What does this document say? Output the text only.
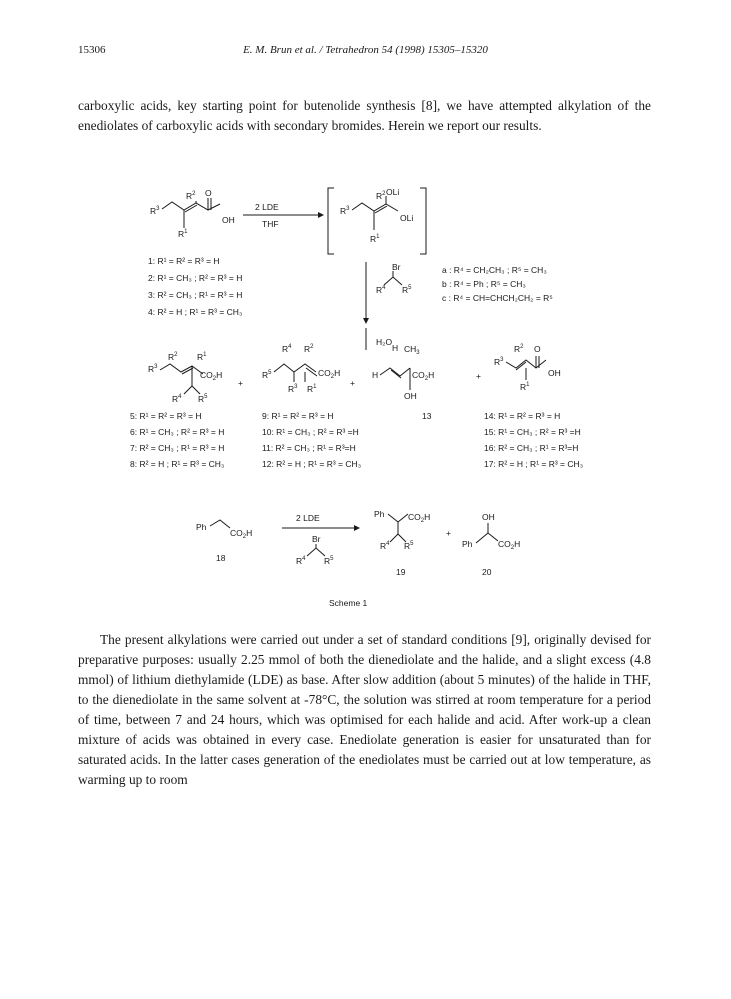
15306	E. M. Brun et al. / Tetrahedron 54 (1998) 15305–15320

carboxylic acids, key starting point for butenolide synthesis [8], we have attempted alkylation of the enediolates of carboxylic acids with secondary bromides. Herein we report our results.

$R^3$
$R^1$
$R^2$ O
OH
2 LDE
THF
$R^3$
$R^1$
$R^2$ OLi
OLi
Br
$R^4$ $R^5$
H₂O
1: R¹ = R² = R³ = H
2: R¹ = CH₃ ; R² = R³ = H
3: R² = CH₃ ; R¹ = R³ = H
4: R² = H ; R¹ = R³ = CH₃
a : R⁴ = CH₂CH₃ ; R⁵ = CH₃
b : R⁴ = Ph ; R⁵ = CH₃
c : R⁴ = CH=CHCH₂CH₂ = R⁵
$R^2$ $R^1$
$R^3$
$CO_2H$
$R^4$ $R^5$
+
$R^4$ $R^2$
$R^5$	$CO_2H$
$R^3$ $R^1$	+
H $CH_3$
H	$CO_2H$
OH
+
$R^2$ O
$R^3$
OH
$R^1$
5: R¹ = R² = R³ = H
6: R¹ = CH₃ ; R² = R³ = H
7: R² = CH₃ ; R¹ = R³ = H
8: R² = H ; R¹ = R³ = CH₃
9: R¹ = R² = R³ = H
10: R¹ = CH₃ ; R² = R³ =H
11: R² = CH₃ ; R¹ = R³=H
12: R² = H ; R¹ = R³ = CH₃
13	14: R¹ = R² = R³ = H
15: R¹ = CH₃ ; R² = R³ =H
16: R² = CH₃ ; R¹ = R³=H
17: R² = H ; R¹ = R³ = CH₃
Ph
$CO_2H$
18
2 LDE
Br
$R^4$ $R^5$
Ph	$CO_2H$
$R^4$ $R^5$
+
19
OH
Ph	$CO_2H$
20
Scheme 1

The present alkylations were carried out under a set of standard conditions [9], originally devised for preparative purposes: usually 2.25 mmol of both the dienediolate and the halide, and a slight excess (4.8 mmol) of lithium diethylamide (LDE) as base. After slow addition (about 5 minutes) of the halide in THF, to the dienediolate in the same solvent at -78°C, the solution was stirred at room temperature for a period of time, between 7 and 24 hours, which was optimised for each halide and acid. After work-up a clean mixture of acids was obtained in every case. Enediolate generation is easier for unsaturated than for saturated acids. In the latter cases generation of the enediolates must be carried out at low temperature, as warming up to room
